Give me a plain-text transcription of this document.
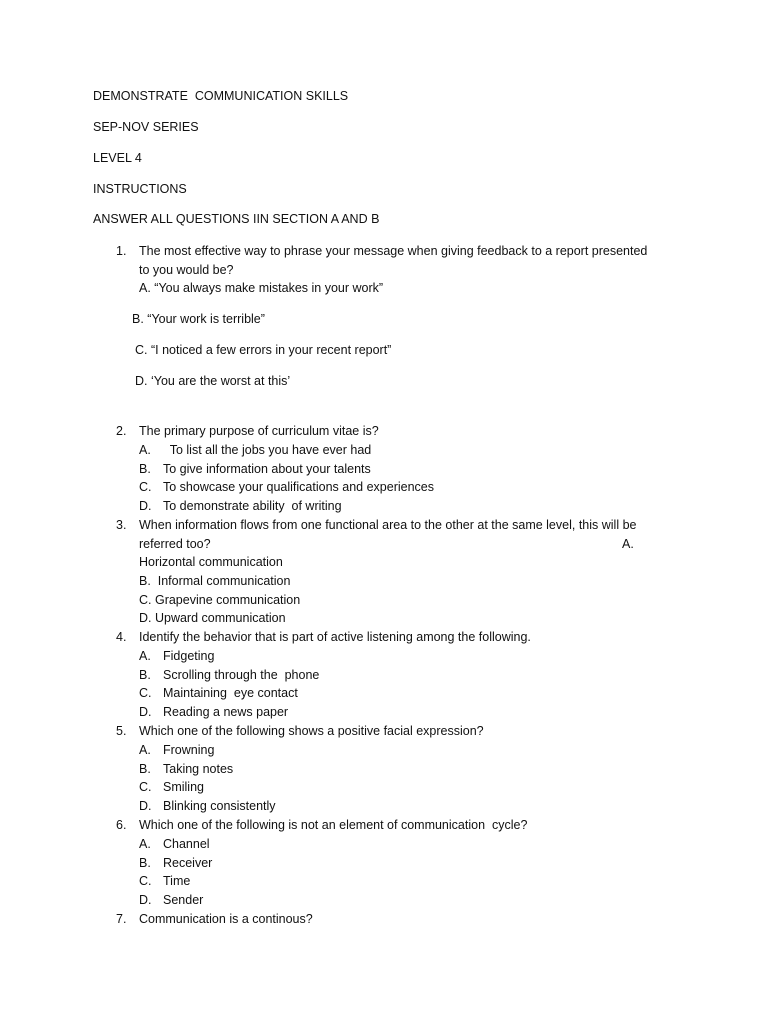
DEMONSTRATE  COMMUNICATION SKILLS
SEP-NOV SERIES
LEVEL 4
INSTRUCTIONS
ANSWER ALL QUESTIONS IIN SECTION A AND B
1. The most effective way to phrase your message when giving feedback to a report presented
to you would be?
A. “You always make mistakes in your work”
B. “Your work is terrible”
C. “I noticed a few errors in your recent report”
D. ‘You are the worst at this’
2. The primary purpose of curriculum vitae is?
A.  To list all the jobs you have ever had
B. To give information about your talents
C. To showcase your qualifications and experiences
D. To demonstrate ability  of writing
3. When information flows from one functional area to the other at the same level, this will be
referred too?	A.
Horizontal communication
B.  Informal communication
C. Grapevine communication
D. Upward communication
4. Identify the behavior that is part of active listening among the following.
A. Fidgeting
B. Scrolling through the  phone
C. Maintaining  eye contact
D. Reading a news paper
5. Which one of the following shows a positive facial expression?
A. Frowning
B. Taking notes
C. Smiling
D. Blinking consistently
6. Which one of the following is not an element of communication  cycle?
A. Channel
B. Receiver
C. Time
D. Sender
7. Communication is a continous?
